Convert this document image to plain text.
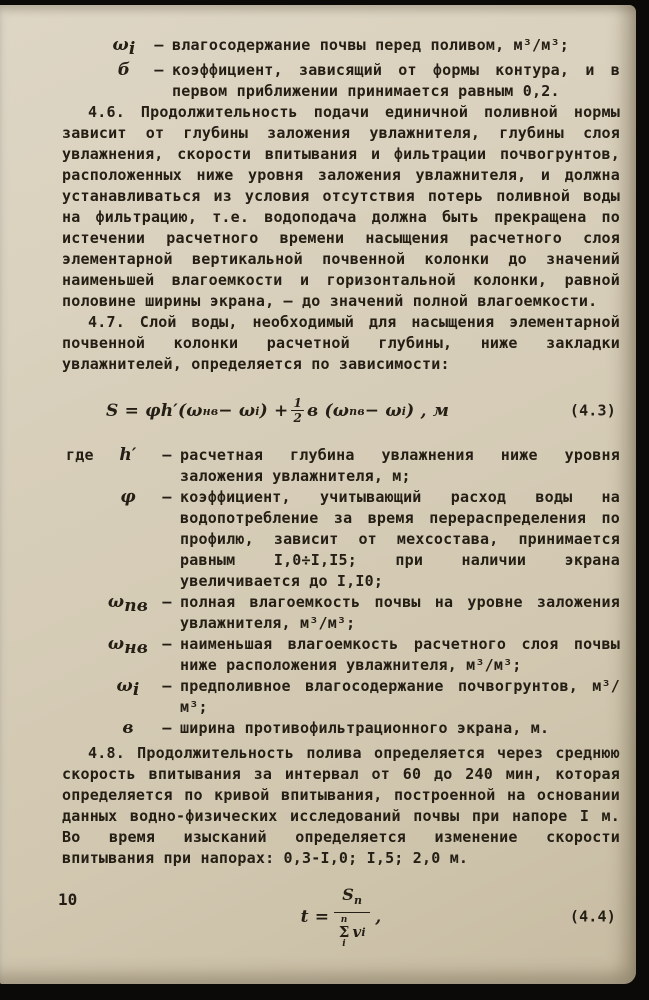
$\omega_i$	– влагосодержание почвы перед поливом, м³/м³;
б	– коэффициент, зависящий от формы контура, и в первом приближении принимается равным 0,2.

4.6. Продолжительность подачи единичной поливной нормы зависит от глубины заложения увлажнителя, глубины слоя увлажнения, скорости впитывания и фильтрации почвогрунтов, расположенных ниже уровня заложения увлажнителя, и должна устанавливаться из условия отсутствия потерь поливной воды на фильтрацию, т.е. водоподача должна быть прекращена по истечении расчетного времени насыщения расчетного слоя элементарной вертикальной почвенной колонки до значений наименьшей влагоемкости и горизонтальной колонки, равной половине ширины экрана, – до значений полной влагоемкости.

4.7. Слой воды, необходимый для насыщения элементарной почвенной колонки расчетной глубины, ниже закладки увлажнителей, определяется по зависимости:

S = φh′(ω нв − ω i ) + $\frac{1}{2}$ в (ω пв − ω i ) , м	(4.3)
где	h′	– расчетная глубина увлажнения ниже уровня заложения увлажнителя, м;
φ	– коэффициент, учитывающий расход воды на водопотребление за время перераспределения по профилю, зависит от мехсостава, принимается равным I,0÷I,I5; при наличии экрана увеличивается до I,I0;
$\omega_{пв}$ – полная влагоемкость почвы на уровне заложения увлажнителя, м³/м³;
$\omega_{нв}$ – наименьшая влагоемкость расчетного слоя почвы ниже расположения увлажнителя, м³/м³;
$\omega_i$	– предполивное влагосодержание почвогрунтов, м³/м³;
в	– ширина противофильтрационного экрана, м.

4.8. Продолжительность полива определяется через среднюю скорость впитывания за интервал от 60 до 240 мин, которая определяется по кривой впитывания, построенной на основании данных водно-физических исследований почвы при напоре I м. Во время изысканий определяется изменение скорости впитывания при напорах: 0,3-I,0; I,5; 2,0 м.

$t = S_п$
n
Σ
i
v i ,	(4.4)
10
